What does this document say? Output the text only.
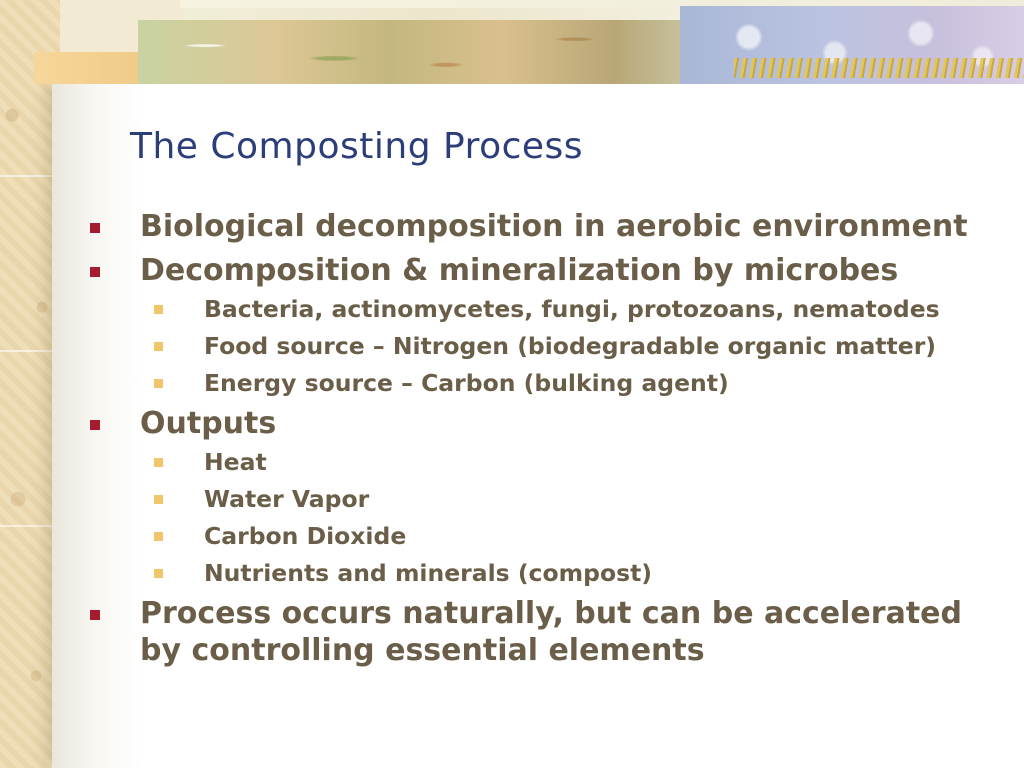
The Composting Process
Biological decomposition in aerobic environment
Decomposition & mineralization by microbes
Bacteria, actinomycetes, fungi, protozoans, nematodes
Food source – Nitrogen (biodegradable organic matter)
Energy source – Carbon (bulking agent)
Outputs
Heat
Water Vapor
Carbon Dioxide
Nutrients and minerals (compost)
Process occurs naturally, but can be accelerated by controlling essential elements
